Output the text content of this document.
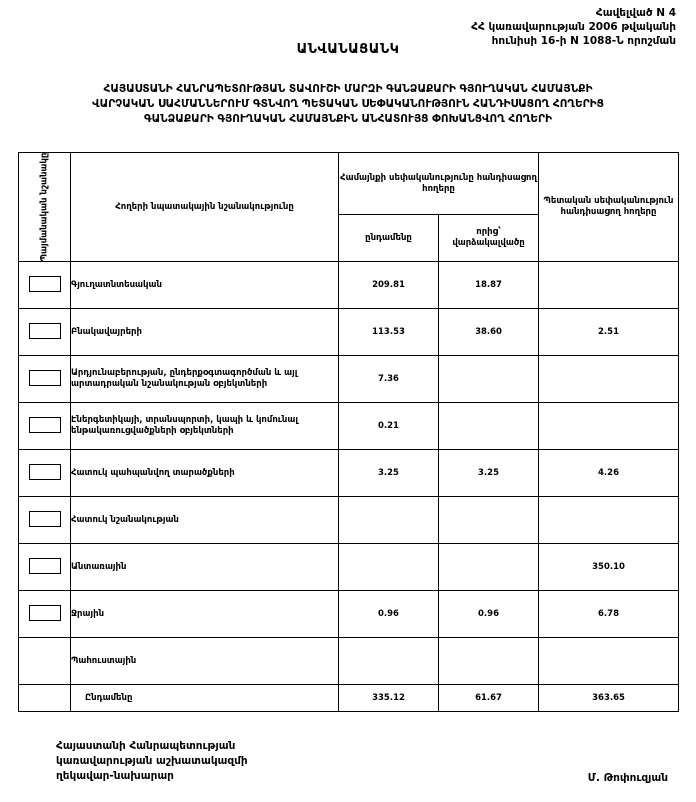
Հավելված N 4
ՀՀ կառավարության 2006 թվականի
հունիսի 16-ի N 1088-Ն որոշման
ԱՆՎԱՆԱՑԱՆԿ
ՀԱՅԱՍՏԱՆԻ ՀԱՆՐԱՊԵՏՈՒԹՅԱՆ ՏԱՎՈՒՇԻ ՄԱՐԶԻ ԳԱՆՁԱՔԱՐԻ ԳՅՈՒՂԱԿԱՆ ՀԱՄԱՅՆՔԻ
ՎԱՐՉԱԿԱՆ ՍԱՀՄԱՆՆԵՐՈՒՄ ԳՏՆՎՈՂ ՊԵՏԱԿԱՆ ՍԵՓԱԿԱՆՈՒԹՅՈՒՆ ՀԱՆԴԻՍԱՑՈՂ ՀՈՂԵՐԻՑ
ԳԱՆՁԱՔԱՐԻ ԳՅՈՒՂԱԿԱՆ ՀԱՄԱՅՆՔԻՆ ԱՆՀԱՏՈՒՅՑ ՓՈԽԱՆՑՎՈՂ ՀՈՂԵՐԻ
Պայմանական նշանակը	Հողերի նպատակային նշանակությունը	Համայնքի սեփականությունը հանդիսացող հողերը		Պետական սեփականություն հանդիսացող հողերը
		ընդամենը	որից՝ վարձակալվածը	
	Գյուղատնտեսական	209.81	18.87	
	Բնակավայրերի	113.53	38.60	2.51
	Արդյունաբերության, ընդերքօգտագործման և այլ արտադրական նշանակության օբյեկտների	7.36		
	Էներգետիկայի, տրանսպորտի, կապի և կոմունալ ենթակառուցվածքների օբյեկտների	0.21		
	Հատուկ պահպանվող տարածքների	3.25	3.25	4.26
	Հատուկ նշանակության			
	Անտառային			350.10
	Ջրային	0.96	0.96	6.78
	Պահուստային			
	Ընդամենը	335.12	61.67	363.65
Հայաստանի Հանրապետության
կառավարության աշխատակազմի
ղեկավար-նախարար	Մ. Թոփուզյան
